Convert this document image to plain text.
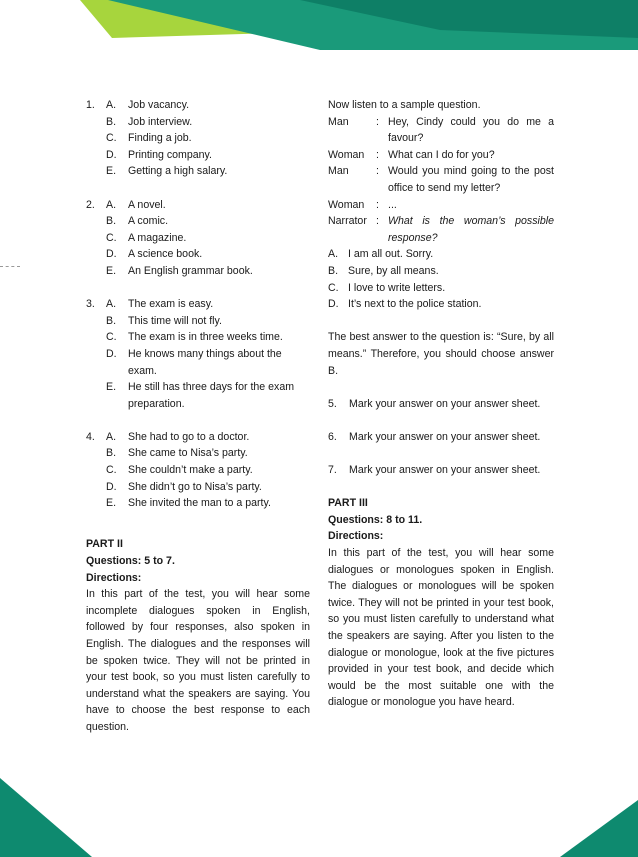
1. A. Job vacancy.
B. Job interview.
C. Finding a job.
D. Printing company.
E. Getting a high salary.
2. A. A novel.
B. A comic.
C. A magazine.
D. A science book.
E. An English grammar book.
3. A. The exam is easy.
B. This time will not fly.
C. The exam is in three weeks time.
D. He knows many things about the exam.
E. He still has three days for the exam preparation.
4. A. She had to go to a doctor.
B. She came to Nisa’s party.
C. She couldn’t make a party.
D. She didn’t go to Nisa’s party.
E. She invited the man to a party.
PART II
Questions: 5 to 7.
Directions:
In this part of the test, you will hear some incomplete dialogues spoken in English, followed by four responses, also spoken in English. The dialogues and the responses will be spoken twice. They will not be printed in your test book, so you must listen carefully to understand what the speakers are saying. You have to choose the best response to each question.
Now listen to a sample question.
Man	: Hey, Cindy could you do me a favour?
Woman : What can I do for you?
Man	: Would you mind going to the post office to send my letter?
Woman : ...
Narrator : What is the woman’s possible response?
A. I am all out. Sorry.
B. Sure, by all means.
C. I love to write letters.
D. It’s next to the police station.
The best answer to the question is: “Sure, by all means.” Therefore, you should choose answer B.
5. Mark your answer on your answer sheet.
6. Mark your answer on your answer sheet.
7. Mark your answer on your answer sheet.
PART III
Questions: 8 to 11.
Directions:
In this part of the test, you will hear some dialogues or monologues spoken in English. The dialogues or monologues will be spoken twice. They will not be printed in your test book, so you must listen carefully to understand what the speakers are saying. After you listen to the dialogue or monologue, look at the five pictures provided in your test book, and decide which would be the most suitable one with the dialogue or monologue you have heard.
